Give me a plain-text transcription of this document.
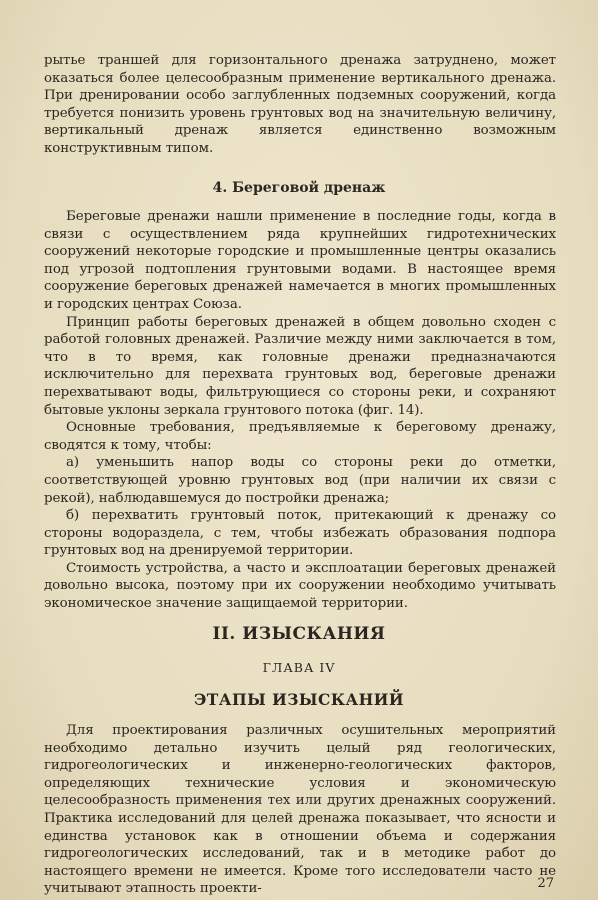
рытье траншей для горизонтального дренажа затруднено, может оказаться более целесообразным применение вертикального дренажа. При дренировании особо заглубленных подземных сооружений, когда требуется понизить уровень грунтовых вод на значительную величину, вертикальный дренаж является единственно возможным конструктивным типом.

4. Береговой дренаж

Береговые дренажи нашли применение в последние годы, когда в связи с осуществлением ряда крупнейших гидротехнических сооружений некоторые городские и промышленные центры оказались под угрозой подтопления грунтовыми водами. В настоящее время сооружение береговых дренажей намечается в многих промышленных и городских центрах Союза.

Принцип работы береговых дренажей в общем довольно сходен с работой головных дренажей. Различие между ними заключается в том, что в то время, как головные дренажи предназначаются исключительно для перехвата грунтовых вод, береговые дренажи перехватывают воды, фильтрующиеся со стороны реки, и сохраняют бытовые уклоны зеркала грунтового потока (фиг. 14).

Основные требования, предъявляемые к береговому дренажу, сводятся к тому, чтобы:

а) уменьшить напор воды со стороны реки до отметки, соответствующей уровню грунтовых вод (при наличии их связи с рекой), наблюдавшемуся до постройки дренажа;

б) перехватить грунтовый поток, притекающий к дренажу со стороны водораздела, с тем, чтобы избежать образования подпора грунтовых вод на дренируемой территории.

Стоимость устройства, а часто и эксплоатации береговых дренажей довольно высока, поэтому при их сооружении необходимо учитывать экономическое значение защищаемой территории.

II. ИЗЫСКАНИЯ
ГЛАВА IV
ЭТАПЫ ИЗЫСКАНИЙ

Для проектирования различных осушительных мероприятий необходимо детально изучить целый ряд геологических, гидрогеологических и инженерно-геологических факторов, определяющих технические условия и экономическую целесообразность применения тех или других дренажных сооружений. Практика исследований для целей дренажа показывает, что ясности и единства установок как в отношении объема и содержания гидрогеологических исследований, так и в методике работ до настоящего времени не имеется. Кроме того исследователи часто не учитывают этапность проекти-	27
